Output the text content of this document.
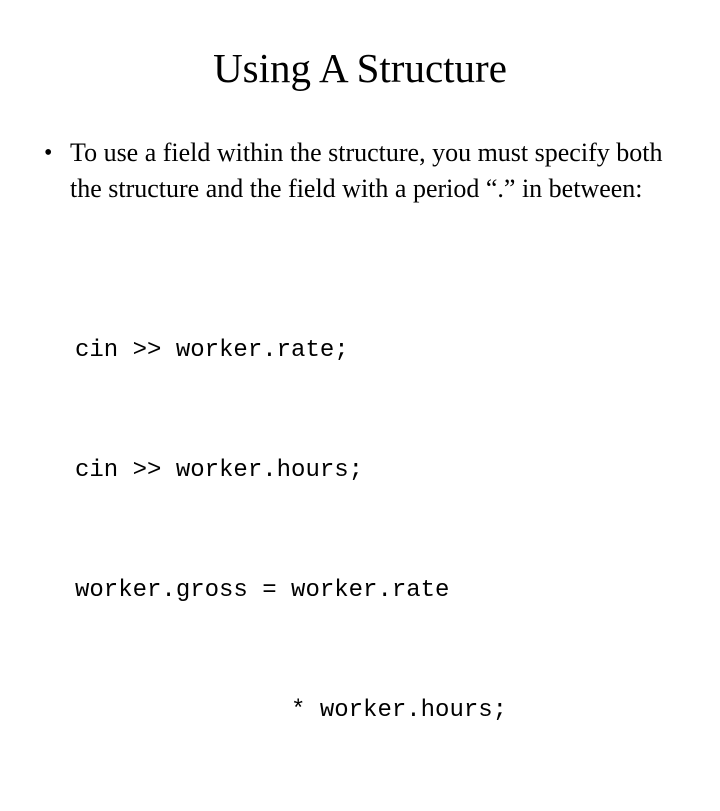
Using A Structure
• To use a field within the structure, you must specify both the structure and the field with a period “.” in between:

cin >> worker.rate;

cin >> worker.hours;

worker.gross = worker.rate

* worker.hours;
